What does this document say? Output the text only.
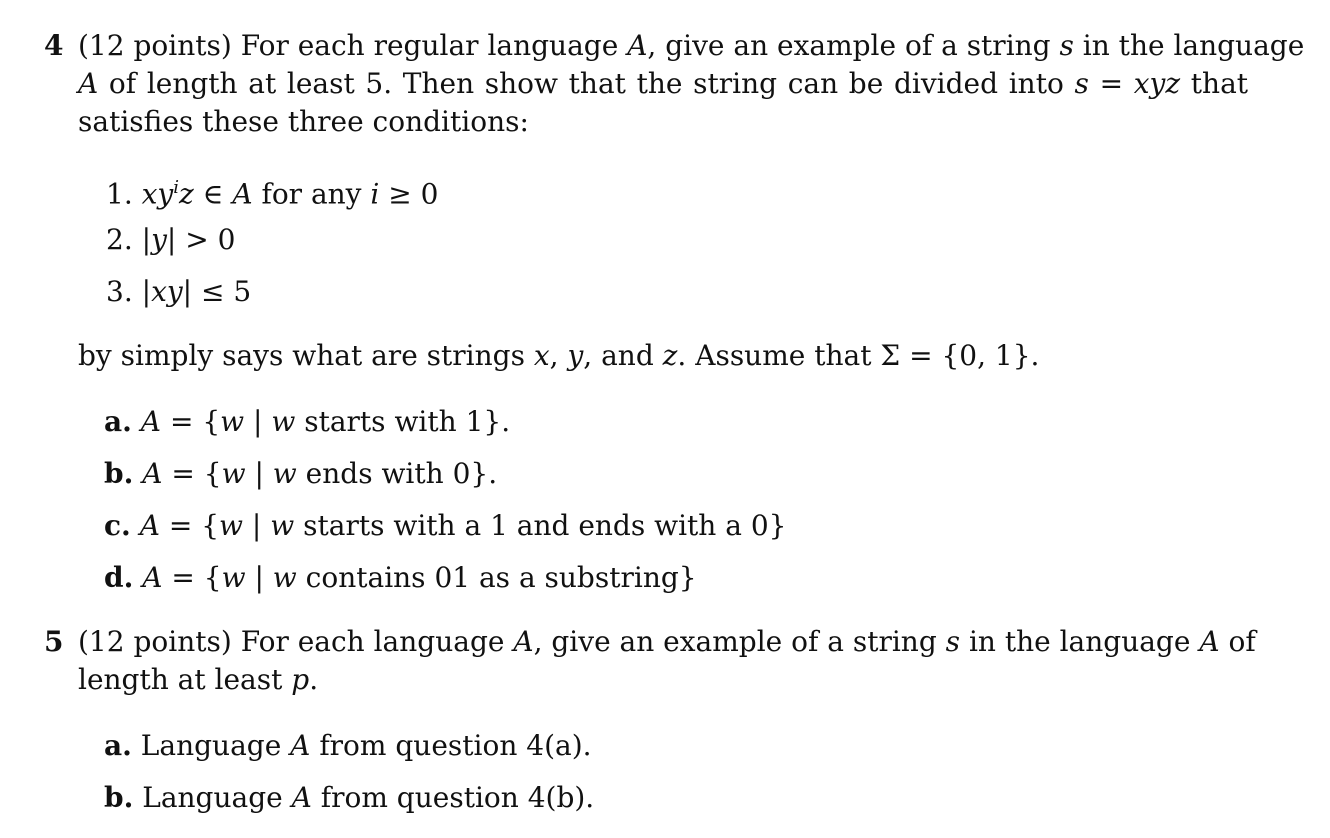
4 (12 points) For each regular language A, give an example of a string s in the language
A of length at least 5. Then show that the string can be divided into s = xyz that
satisfies these three conditions:
1. $xy^iz$ ∈ A for any i ≥ 0
2. |y| > 0
3. |xy| ≤ 5
by simply says what are strings x, y, and z. Assume that Σ = {0, 1}.
a. A = {w | w starts with 1}.
b. A = {w | w ends with 0}.
c. A = {w | w starts with a 1 and ends with a 0}
d. A = {w | w contains 01 as a substring}
5 (12 points) For each language A, give an example of a string s in the language A of
length at least p.
a. Language A from question 4(a).
b. Language A from question 4(b).
